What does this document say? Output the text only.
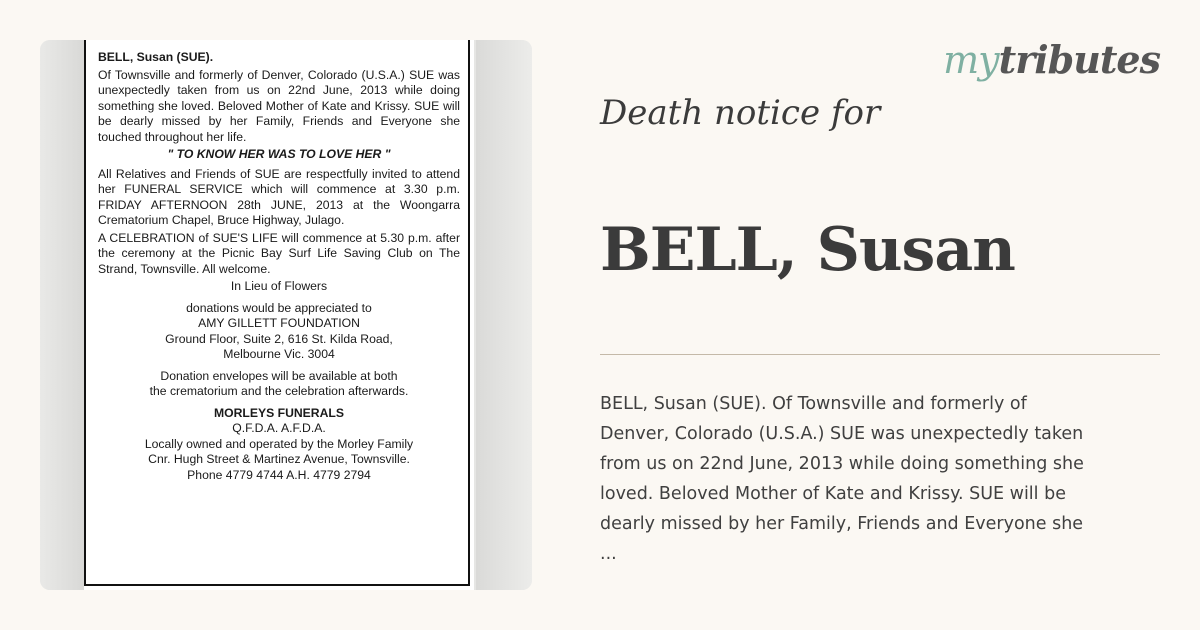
BELL, Susan (SUE).

Of Townsville and formerly of Denver, Colorado (U.S.A.) SUE was unexpectedly taken from us on 22nd June, 2013 while doing something she loved. Beloved Mother of Kate and Krissy. SUE will be dearly missed by her Family, Friends and Everyone she touched throughout her life.

" TO KNOW HER WAS TO LOVE HER "

All Relatives and Friends of SUE are respectfully invited to attend her FUNERAL SERVICE which will commence at 3.30 p.m. FRIDAY AFTERNOON 28th JUNE, 2013 at the Woongarra Crematorium Chapel, Bruce Highway, Julago.

A CELEBRATION of SUE'S LIFE will commence at 5.30 p.m. after the ceremony at the Picnic Bay Surf Life Saving Club on The Strand, Townsville. All welcome.

In Lieu of Flowers

donations would be appreciated to

AMY GILLETT FOUNDATION

Ground Floor, Suite 2, 616 St. Kilda Road,

Melbourne Vic. 3004

Donation envelopes will be available at both

the crematorium and the celebration afterwards.

MORLEYS FUNERALS

Q.F.D.A. A.F.D.A.

Locally owned and operated by the Morley Family

Cnr. Hugh Street & Martinez Avenue, Townsville.

Phone 4779 4744 A.H. 4779 2794

mytributes
Death notice for
BELL, Susan

BELL, Susan (SUE). Of Townsville and formerly of

Denver, Colorado (U.S.A.) SUE was unexpectedly taken

from us on 22nd June, 2013 while doing something she

loved. Beloved Mother of Kate and Krissy. SUE will be

dearly missed by her Family, Friends and Everyone she

...
